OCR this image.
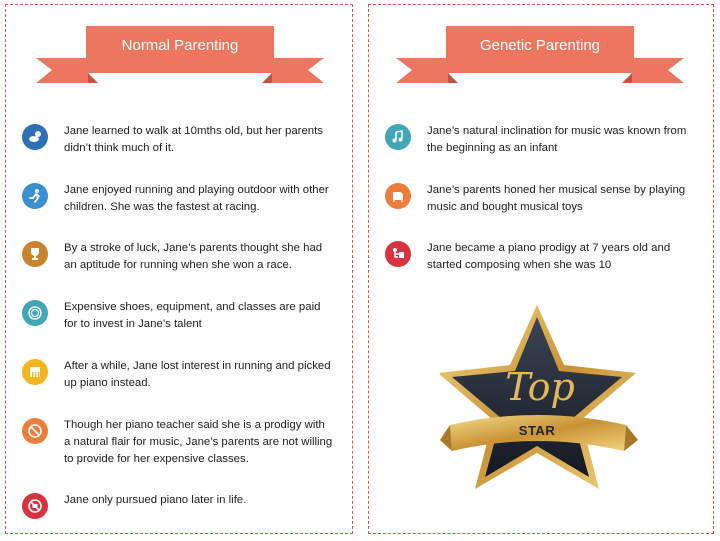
Normal Parenting
Jane learned to walk at 10mths old, but her parents
didn’t think much of it.
Jane enjoyed running and playing outdoor with other
children. She was the fastest at racing.
By a stroke of luck, Jane’s parents thought she had
an aptitude for running when she won a race.
Expensive shoes, equipment, and classes are paid
for to invest in Jane’s talent
After a while, Jane lost interest in running and picked
up piano instead.
Though her piano teacher said she is a prodigy with
a natural flair for music, Jane’s parents are not willing
to provide for her expensive classes.
Jane only pursued piano later in life.
Genetic Parenting
Jane’s natural inclination for music was known from
the beginning as an infant
Jane’s parents honed her musical sense by playing
music and bought musical toys
Jane became a piano prodigy at 7 years old and
started composing when she was 10
Top
STAR
